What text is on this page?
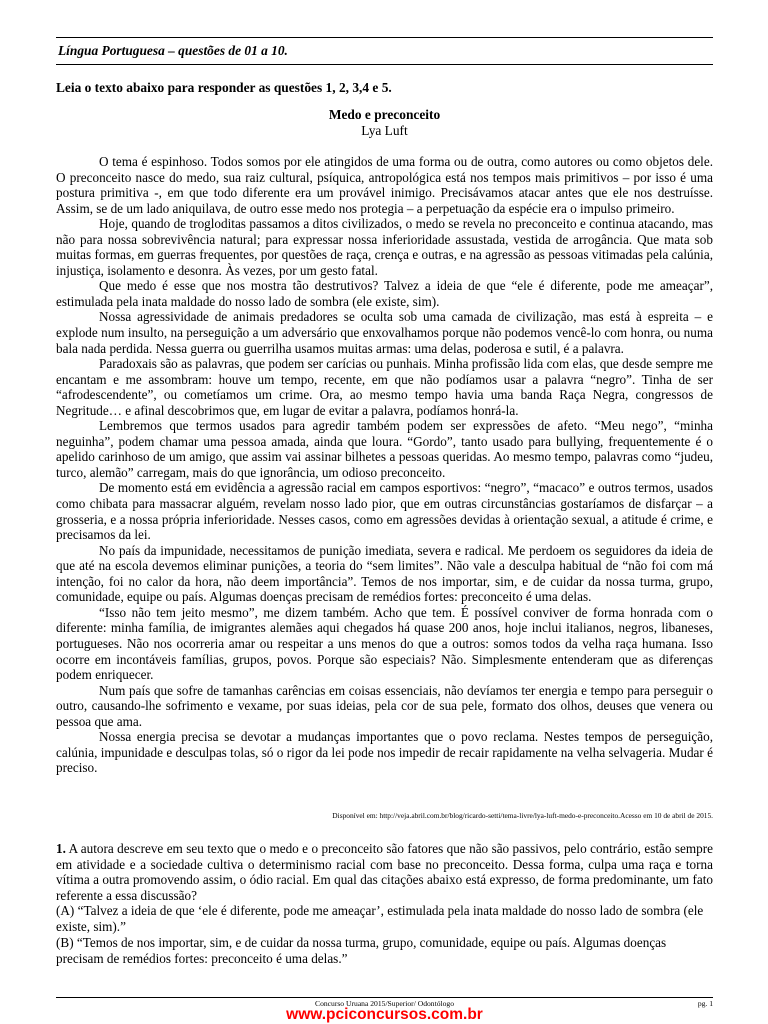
Língua Portuguesa – questões de 01 a 10.
Leia o texto abaixo para responder as questões 1, 2, 3,4 e 5.
Medo e preconceito
Lya Luft

O tema é espinhoso. Todos somos por ele atingidos de uma forma ou de outra, como autores ou como objetos dele. O preconceito nasce do medo, sua raiz cultural, psíquica, antropológica está nos tempos mais primitivos – por isso é uma postura primitiva -, em que todo diferente era um provável inimigo. Precisávamos atacar antes que ele nos destruísse. Assim, se de um lado aniquilava, de outro esse medo nos protegia – a perpetuação da espécie era o impulso primeiro.

Hoje, quando de trogloditas passamos a ditos civilizados, o medo se revela no preconceito e continua atacando, mas não para nossa sobrevivência natural; para expressar nossa inferioridade assustada, vestida de arrogância. Que mata sob muitas formas, em guerras frequentes, por questões de raça, crença e outras, e na agressão as pessoas vitimadas pela calúnia, injustiça, isolamento e desonra. Às vezes, por um gesto fatal.

Que medo é esse que nos mostra tão destrutivos? Talvez a ideia de que “ele é diferente, pode me ameaçar”, estimulada pela inata maldade do nosso lado de sombra (ele existe, sim).

Nossa agressividade de animais predadores se oculta sob uma camada de civilização, mas está à espreita – e explode num insulto, na perseguição a um adversário que enxovalhamos porque não podemos vencê-lo com honra, ou numa bala nada perdida. Nessa guerra ou guerrilha usamos muitas armas: uma delas, poderosa e sutil, é a palavra.

Paradoxais são as palavras, que podem ser carícias ou punhais. Minha profissão lida com elas, que desde sempre me encantam e me assombram: houve um tempo, recente, em que não podíamos usar a palavra “negro”. Tinha de ser “afrodescendente”, ou cometíamos um crime. Ora, ao mesmo tempo havia uma banda Raça Negra, congressos de Negritude… e afinal descobrimos que, em lugar de evitar a palavra, podíamos honrá-la.

Lembremos que termos usados para agredir também podem ser expressões de afeto. “Meu nego”, “minha neguinha”, podem chamar uma pessoa amada, ainda que loura. “Gordo”, tanto usado para bullying, frequentemente é o apelido carinhoso de um amigo, que assim vai assinar bilhetes a pessoas queridas. Ao mesmo tempo, palavras como “judeu, turco, alemão” carregam, mais do que ignorância, um odioso preconceito.

De momento está em evidência a agressão racial em campos esportivos: “negro”, “macaco” e outros termos, usados como chibata para massacrar alguém, revelam nosso lado pior, que em outras circunstâncias gostaríamos de disfarçar – a grosseria, e a nossa própria inferioridade. Nesses casos, como em agressões devidas à orientação sexual, a atitude é crime, e precisamos da lei.

No país da impunidade, necessitamos de punição imediata, severa e radical. Me perdoem os seguidores da ideia de que até na escola devemos eliminar punições, a teoria do “sem limites”. Não vale a desculpa habitual de “não foi com má intenção, foi no calor da hora, não deem importância”. Temos de nos importar, sim, e de cuidar da nossa turma, grupo, comunidade, equipe ou país. Algumas doenças precisam de remédios fortes: preconceito é uma delas.

“Isso não tem jeito mesmo”, me dizem também. Acho que tem. É possível conviver de forma honrada com o diferente: minha família, de imigrantes alemães aqui chegados há quase 200 anos, hoje inclui italianos, negros, libaneses, portugueses. Não nos ocorreria amar ou respeitar a uns menos do que a outros: somos todos da velha raça humana. Isso ocorre em incontáveis famílias, grupos, povos. Porque são especiais? Não. Simplesmente entenderam que as diferenças podem enriquecer.

Num país que sofre de tamanhas carências em coisas essenciais, não devíamos ter energia e tempo para perseguir o outro, causando-lhe sofrimento e vexame, por suas ideias, pela cor de sua pele, formato dos olhos, deuses que venera ou pessoa que ama.

Nossa energia precisa se devotar a mudanças importantes que o povo reclama. Nestes tempos de perseguição, calúnia, impunidade e desculpas tolas, só o rigor da lei pode nos impedir de recair rapidamente na velha selvageria. Mudar é preciso.

Disponível em: http://veja.abril.com.br/blog/ricardo-setti/tema-livre/lya-luft-medo-e-preconceito.Acesso em 10 de abril de 2015.
1. A autora descreve em seu texto que o medo e o preconceito são fatores que não são passivos, pelo contrário, estão sempre em atividade e a sociedade cultiva o determinismo racial com base no preconceito. Dessa forma, culpa uma raça e torna vítima a outra promovendo assim, o ódio racial. Em qual das citações abaixo está expresso, de forma predominante, um fato referente a essa discussão?
(A) “Talvez a ideia de que ‘ele é diferente, pode me ameaçar’, estimulada pela inata maldade do nosso lado de sombra (ele existe, sim).”
(B) “Temos de nos importar, sim, e de cuidar da nossa turma, grupo, comunidade, equipe ou país. Algumas doenças precisam de remédios fortes: preconceito é uma delas.”
Concurso Uruana 2015/Superior/ Odontólogo	pg. 1
www.pciconcursos.com.br
